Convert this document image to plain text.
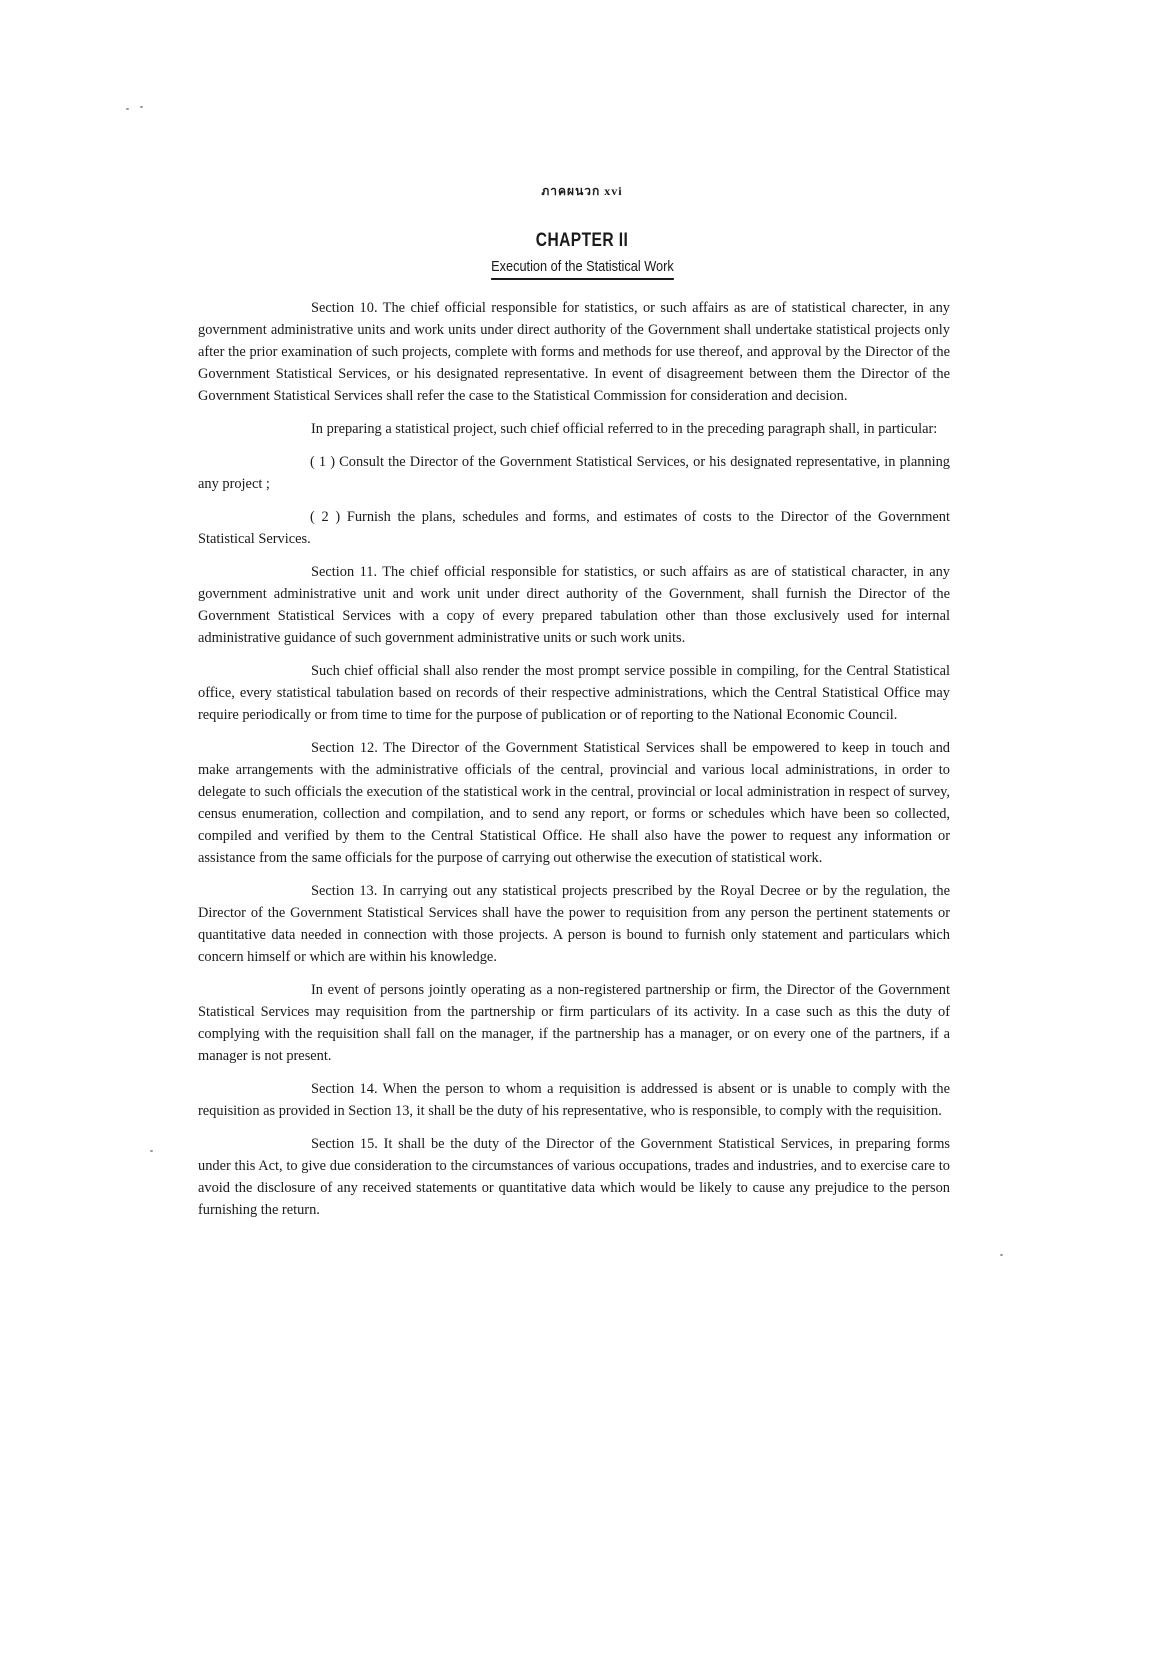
ภาคผนวก xvi
CHAPTER II
Execution of the Statistical Work

Section 10. The chief official responsible for statistics, or such affairs as are of statistical charecter, in any government administrative units and work units under direct authority of the Government shall undertake statistical projects only after the prior examination of such projects, complete with forms and methods for use thereof, and approval by the Director of the Government Statistical Services, or his designated representative. In event of disagreement between them the Director of the Government Statistical Services shall refer the case to the Statistical Commission for consideration and decision.

In preparing a statistical project, such chief official referred to in the preceding paragraph shall, in particular:

( 1 ) Consult the Director of the Government Statistical Services, or his designated representative, in planning any project ;

( 2 ) Furnish the plans, schedules and forms, and estimates of costs to the Director of the Government Statistical Services.

Section 11. The chief official responsible for statistics, or such affairs as are of statistical character, in any government administrative unit and work unit under direct authority of the Government, shall furnish the Director of the Government Statistical Services with a copy of every prepared tabulation other than those exclusively used for internal administrative guidance of such government administrative units or such work units.

Such chief official shall also render the most prompt service possible in compiling, for the Central Statistical office, every statistical tabulation based on records of their respective administrations, which the Central Statistical Office may require periodically or from time to time for the purpose of publication or of reporting to the National Economic Council.

Section 12. The Director of the Government Statistical Services shall be empowered to keep in touch and make arrangements with the administrative officials of the central, provincial and various local administrations, in order to delegate to such officials the execution of the statistical work in the central, provincial or local administration in respect of survey, census enumeration, collection and compilation, and to send any report, or forms or schedules which have been so collected, compiled and verified by them to the Central Statistical Office. He shall also have the power to request any information or assistance from the same officials for the purpose of carrying out otherwise the execution of statistical work.

Section 13. In carrying out any statistical projects prescribed by the Royal Decree or by the regulation, the Director of the Government Statistical Services shall have the power to requisition from any person the pertinent statements or quantitative data needed in connection with those projects. A person is bound to furnish only statement and particulars which concern himself or which are within his knowledge.

In event of persons jointly operating as a non-registered partnership or firm, the Director of the Government Statistical Services may requisition from the partnership or firm particulars of its activity. In a case such as this the duty of complying with the requisition shall fall on the manager, if the partnership has a manager, or on every one of the partners, if a manager is not present.

Section 14. When the person to whom a requisition is addressed is absent or is unable to comply with the requisition as provided in Section 13, it shall be the duty of his representative, who is responsible, to comply with the requisition.

Section 15. It shall be the duty of the Director of the Government Statistical Services, in preparing forms under this Act, to give due consideration to the circumstances of various occupations, trades and industries, and to exercise care to avoid the disclosure of any received statements or quantitative data which would be likely to cause any prejudice to the person furnishing the return.
